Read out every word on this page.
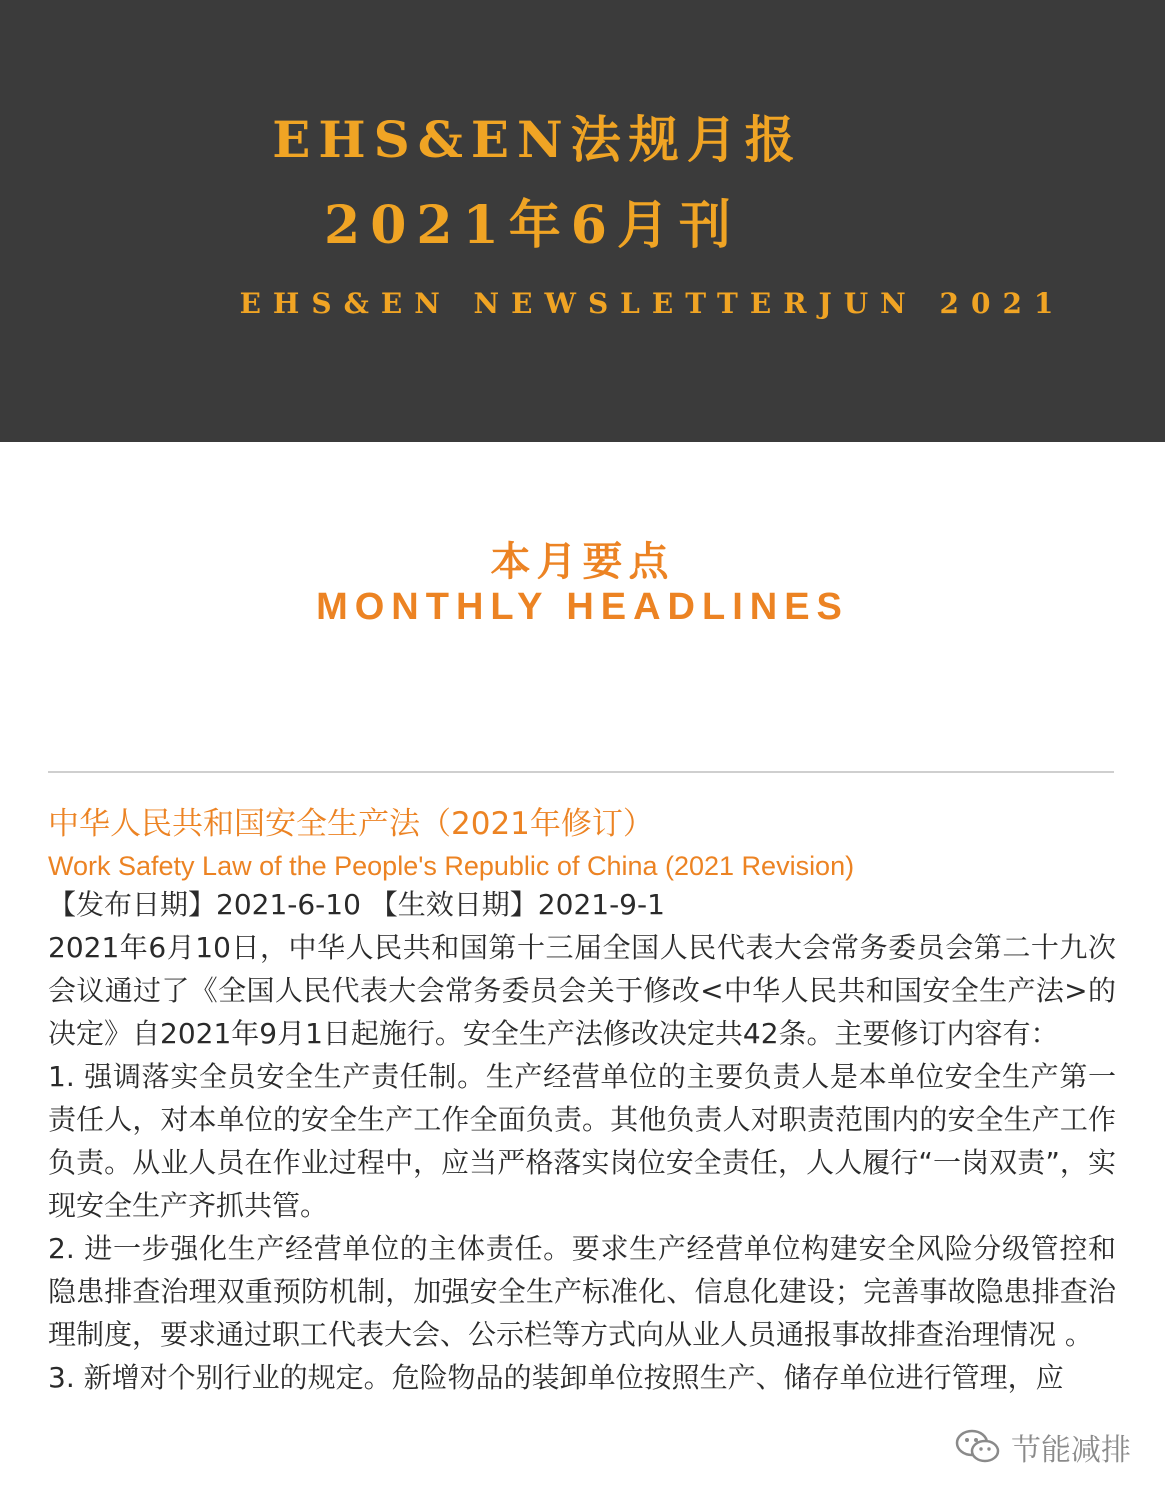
EHS&EN法规月报
2021年6月刊
EHS&EN NEWSLETTERJUN 2021
本月要点
MONTHLY HEADLINES

中华人民共和国安全生产法（2021年修订）

Work Safety Law of the People's Republic of China (2021 Revision)

【发布日期】2021-6-10 【生效日期】2021-9-1

2021年6月10日，中华人民共和国第十三届全国人民代表大会常务委员会第二十九次会议通过了《全国人民代表大会常务委员会关于修改<中华人民共和国安全生产法>的决定》自2021年9月1日起施行。安全生产法修改决定共42条。主要修订内容有：

1. 强调落实全员安全生产责任制。生产经营单位的主要负责人是本单位安全生产第一责任人，对本单位的安全生产工作全面负责。其他负责人对职责范围内的安全生产工作负责。从业人员在作业过程中，应当严格落实岗位安全责任，人人履行“一岗双责”，实现安全生产齐抓共管。

2. 进一步强化生产经营单位的主体责任。要求生产经营单位构建安全风险分级管控和隐患排查治理双重预防机制，加强安全生产标准化、信息化建设；完善事故隐患排查治理制度，要求通过职工代表大会、公示栏等方式向从业人员通报事故排查治理情况 。

3. 新增对个别行业的规定。危险物品的装卸单位按照生产、储存单位进行管理，应

节能减排
